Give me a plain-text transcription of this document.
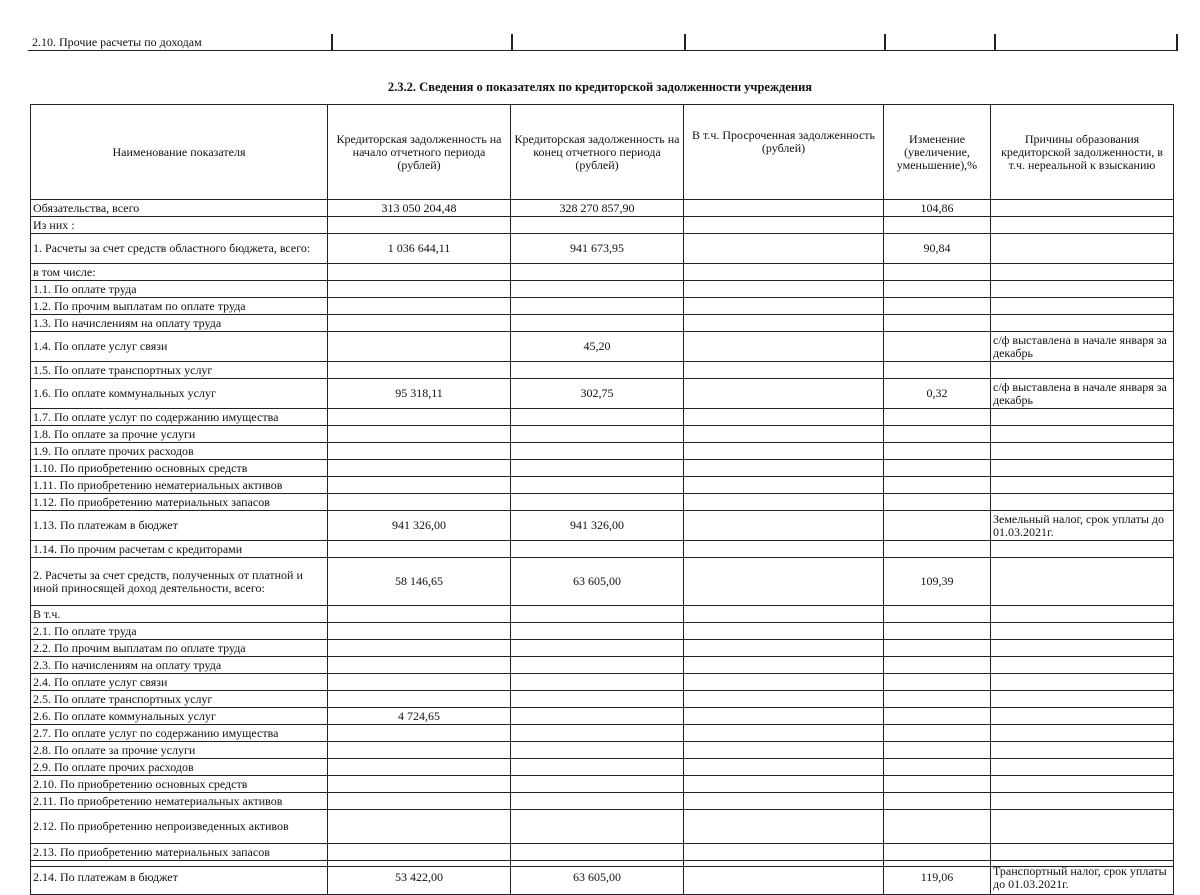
2.10. Прочие расчеты по доходам
2.3.2. Сведения о показателях по кредиторской задолженности учреждения
Наименование показателя	Кредиторская задолженность на начало отчетного периода (рублей)	Кредиторская задолженность на конец отчетного периода (рублей)	В т.ч. Просроченная задолженность (рублей)	Изменение (увеличение, уменьшение),%	Причины образования кредиторской задолженности, в т.ч. нереальной к взысканию
Обязательства, всего	313 050 204,48	328 270 857,90		104,86	
Из них :					
1. Расчеты за счет средств областного бюджета, всего:	1 036 644,11	941 673,95		90,84	
в том числе:					
1.1. По оплате труда					
1.2. По прочим выплатам по оплате труда					
1.3. По начислениям на оплату труда					
1.4. По оплате услуг связи		45,20			с/ф выставлена в начале января за декабрь
1.5. По оплате транспортных услуг					
1.6. По оплате коммунальных услуг	95 318,11	302,75		0,32	с/ф выставлена в начале января за декабрь
1.7. По оплате услуг по содержанию имущества					
1.8. По оплате за прочие услуги					
1.9. По оплате прочих расходов					
1.10. По приобретению основных средств					
1.11. По приобретению нематериальных активов					
1.12. По приобретению материальных запасов					
1.13. По платежам в бюджет	941 326,00	941 326,00			Земельный налог, срок уплаты до 01.03.2021г.
1.14. По прочим расчетам с кредиторами					
2. Расчеты за счет средств, полученных от платной и иной приносящей доход деятельности, всего:	58 146,65	63 605,00		109,39	
В т.ч.					
2.1. По оплате труда					
2.2. По прочим выплатам по оплате труда					
2.3. По начислениям на оплату труда					
2.4. По оплате услуг связи					
2.5. По оплате транспортных услуг					
2.6. По оплате коммунальных услуг	4 724,65				
2.7. По оплате услуг по содержанию имущества					
2.8. По оплате за прочие услуги					
2.9. По оплате прочих расходов					
2.10. По приобретению основных средств					
2.11. По приобретению нематериальных активов					
2.12. По приобретению непроизведенных активов					
2.13. По приобретению материальных запасов					
2.14. По платежам в бюджет	53 422,00	63 605,00		119,06	Транспортный налог, срок уплаты до 01.03.2021г.
